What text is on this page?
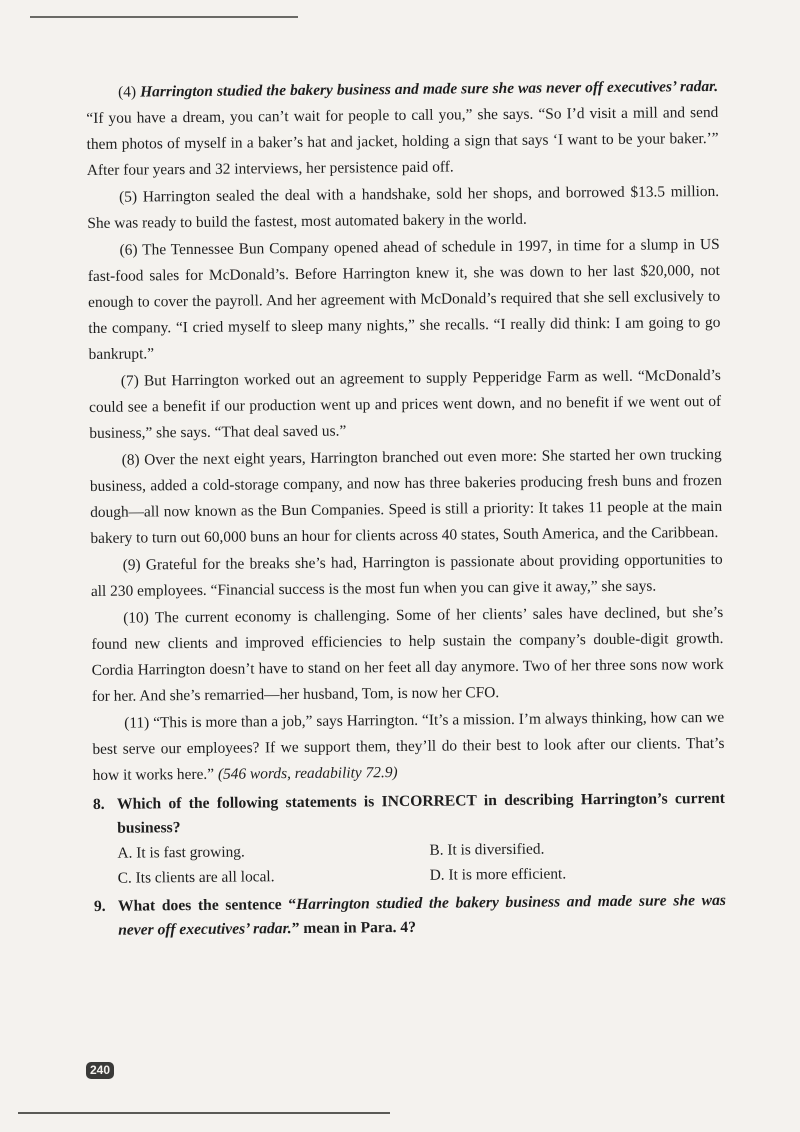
(4) Harrington studied the bakery business and made sure she was never off executives’ radar. “If you have a dream, you can’t wait for people to call you,” she says. “So I’d visit a mill and send them photos of myself in a baker’s hat and jacket, holding a sign that says ‘I want to be your baker.’” After four years and 32 interviews, her persistence paid off.

(5) Harrington sealed the deal with a handshake, sold her shops, and borrowed $13.5 million. She was ready to build the fastest, most automated bakery in the world.

(6) The Tennessee Bun Company opened ahead of schedule in 1997, in time for a slump in US fast-food sales for McDonald’s. Before Harrington knew it, she was down to her last $20,000, not enough to cover the payroll. And her agreement with McDonald’s required that she sell exclusively to the company. “I cried myself to sleep many nights,” she recalls. “I really did think: I am going to go bankrupt.”

(7) But Harrington worked out an agreement to supply Pepperidge Farm as well. “McDonald’s could see a benefit if our production went up and prices went down, and no benefit if we went out of business,” she says. “That deal saved us.”

(8) Over the next eight years, Harrington branched out even more: She started her own trucking business, added a cold-storage company, and now has three bakeries producing fresh buns and frozen dough—all now known as the Bun Companies. Speed is still a priority: It takes 11 people at the main bakery to turn out 60,000 buns an hour for clients across 40 states, South America, and the Caribbean.

(9) Grateful for the breaks she’s had, Harrington is passionate about providing opportunities to all 230 employees. “Financial success is the most fun when you can give it away,” she says.

(10) The current economy is challenging. Some of her clients’ sales have declined, but she’s found new clients and improved efficiencies to help sustain the company’s double-digit growth. Cordia Harrington doesn’t have to stand on her feet all day anymore. Two of her three sons now work for her. And she’s remarried—her husband, Tom, is now her CFO.

(11) “This is more than a job,” says Harrington. “It’s a mission. I’m always thinking, how can we best serve our employees? If we support them, they’ll do their best to look after our clients. That’s how it works here.” (546 words, readability 72.9)

8. Which of the following statements is INCORRECT in describing Harrington’s current business?
A. It is fast growing.	B. It is diversified.
C. Its clients are all local.	D. It is more efficient.
9. What does the sentence “Harrington studied the bakery business and made sure she was never off executives’ radar.” mean in Para. 4?
240
